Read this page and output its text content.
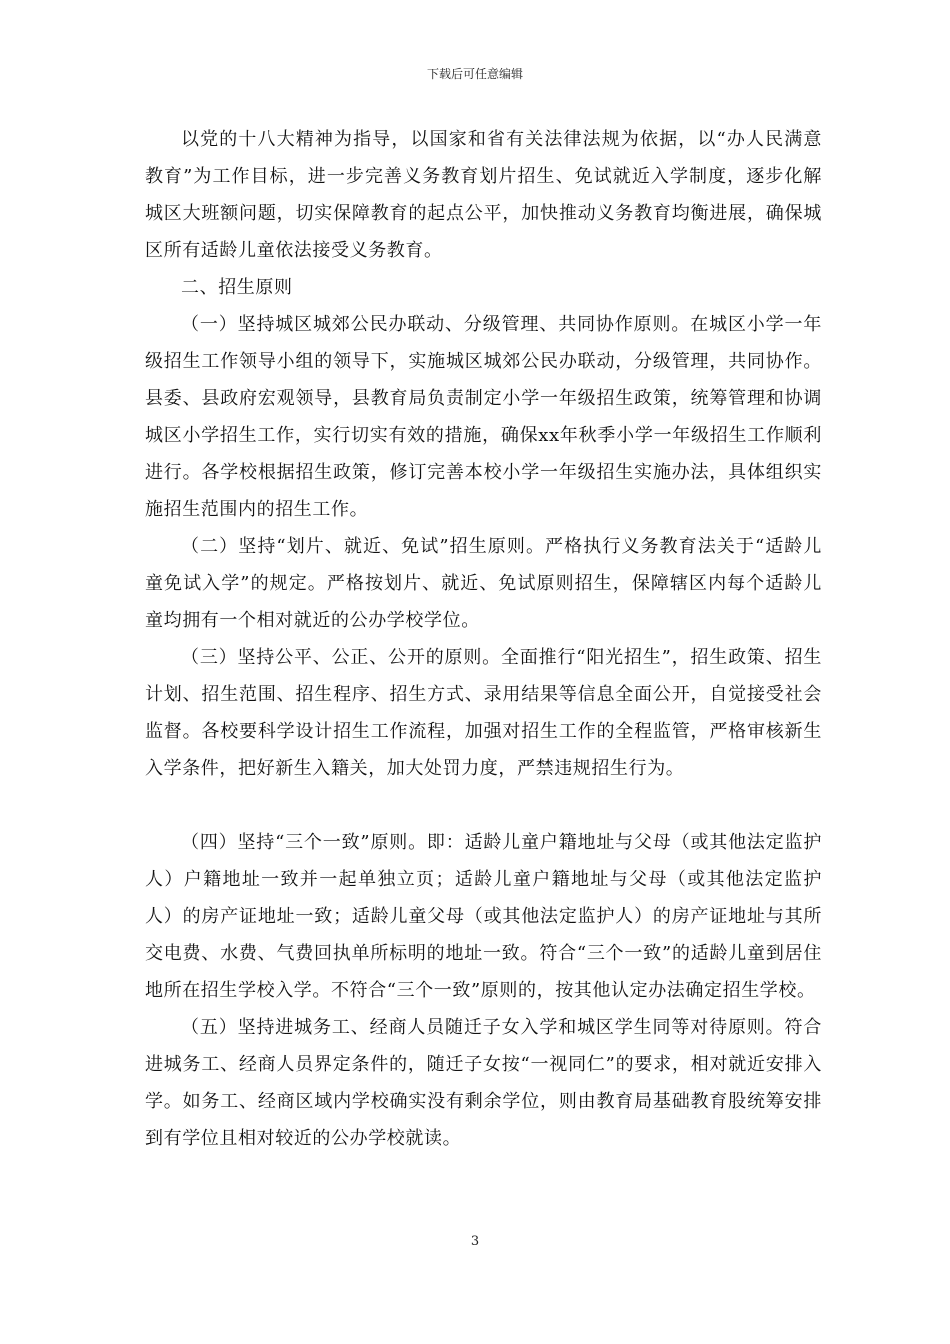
下载后可任意编辑

以党的十八大精神为指导，以国家和省有关法律法规为依据，以“办人民满意教育”为工作目标，进一步完善义务教育划片招生、免试就近入学制度，逐步化解城区大班额问题，切实保障教育的起点公平，加快推动义务教育均衡进展，确保城区所有适龄儿童依法接受义务教育。

二、招生原则

（一）坚持城区城郊公民办联动、分级管理、共同协作原则。在城区小学一年级招生工作领导小组的领导下，实施城区城郊公民办联动，分级管理，共同协作。县委、县政府宏观领导，县教育局负责制定小学一年级招生政策，统筹管理和协调城区小学招生工作，实行切实有效的措施，确保xx年秋季小学一年级招生工作顺利进行。各学校根据招生政策，修订完善本校小学一年级招生实施办法，具体组织实施招生范围内的招生工作。

（二）坚持“划片、就近、免试”招生原则。严格执行义务教育法关于“适龄儿童免试入学”的规定。严格按划片、就近、免试原则招生，保障辖区内每个适龄儿童均拥有一个相对就近的公办学校学位。

（三）坚持公平、公正、公开的原则。全面推行“阳光招生”，招生政策、招生计划、招生范围、招生程序、招生方式、录用结果等信息全面公开，自觉接受社会监督。各校要科学设计招生工作流程，加强对招生工作的全程监管，严格审核新生入学条件，把好新生入籍关，加大处罚力度，严禁违规招生行为。

（四）坚持“三个一致”原则。即：适龄儿童户籍地址与父母（或其他法定监护人）户籍地址一致并一起单独立页；适龄儿童户籍地址与父母（或其他法定监护人）的房产证地址一致；适龄儿童父母（或其他法定监护人）的房产证地址与其所交电费、水费、气费回执单所标明的地址一致。符合“三个一致”的适龄儿童到居住地所在招生学校入学。不符合“三个一致”原则的，按其他认定办法确定招生学校。

（五）坚持进城务工、经商人员随迁子女入学和城区学生同等对待原则。符合进城务工、经商人员界定条件的，随迁子女按“一视同仁”的要求，相对就近安排入学。如务工、经商区域内学校确实没有剩余学位，则由教育局基础教育股统筹安排到有学位且相对较近的公办学校就读。

3
